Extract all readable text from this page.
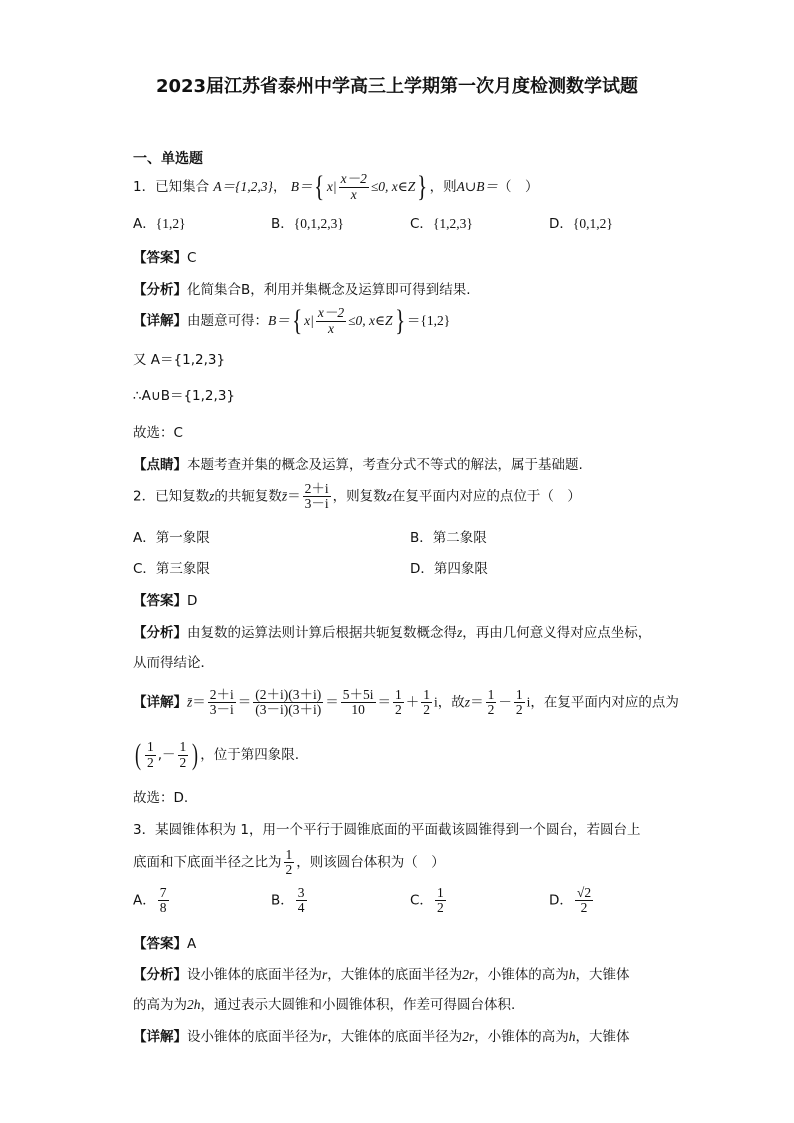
2023届江苏省泰州中学高三上学期第一次月度检测数学试题
一、单选题
1．已知集合 A＝{1,2,3}， B＝{ $x| \frac{x-2}{x} \le 0$, x∈Z} ，则A∪B＝（　）
A．{1,2}	B．{0,1,2,3}	C．{1,2,3}	D．{0,1,2}
【答案】C
【分析】化简集合B，利用并集概念及运算即可得到结果.
【详解】由题意可得：B＝{ $x| \frac{x-2}{x} \le 0$, x∈Z} ＝{1,2}
又 A＝{1,2,3}
∴A∪B＝{1,2,3}
故选：C
【点睛】本题考查并集的概念及运算，考查分式不等式的解法，属于基础题.
2．已知复数z的共轭复数z̄＝ $\frac{2+i}{3-i}$ ，则复数z在复平面内对应的点位于（　）
A．第一象限	B．第二象限
C．第三象限	D．第四象限
【答案】D
【分析】由复数的运算法则计算后根据共轭复数概念得z，再由几何意义得对应点坐标，
从而得结论．
【详解】z̄＝ $\frac{2+i}{3-i} = \frac{(2+i)(3+i)}{(3-i)(3+i)} = \frac{5+5i}{10} = \frac{1}{2} + \frac{1}{2}$ i，故$z= \frac{1}{2} - \frac{1}{2}$ i，在复平面内对应的点为
( $\frac{1}{2}$ ,－ $\frac{1}{2}$ ) ，位于第四象限.
故选：D.
3．某圆锥体积为 1，用一个平行于圆锥底面的平面截该圆锥得到一个圆台，若圆台上
底面和下底面半径之比为 $\frac{1}{2}$ ，则该圆台体积为（　）
A． $\frac{7}{8}$	B． $\frac{3}{4}$	C． $\frac{1}{2}$	D． $\frac{√2}{2}$
【答案】A
【分析】设小锥体的底面半径为r，大锥体的底面半径为2r，小锥体的高为h，大锥体
的高为为2h，通过表示大圆锥和小圆锥体积，作差可得圆台体积.
【详解】设小锥体的底面半径为r，大锥体的底面半径为2r，小锥体的高为h，大锥体
